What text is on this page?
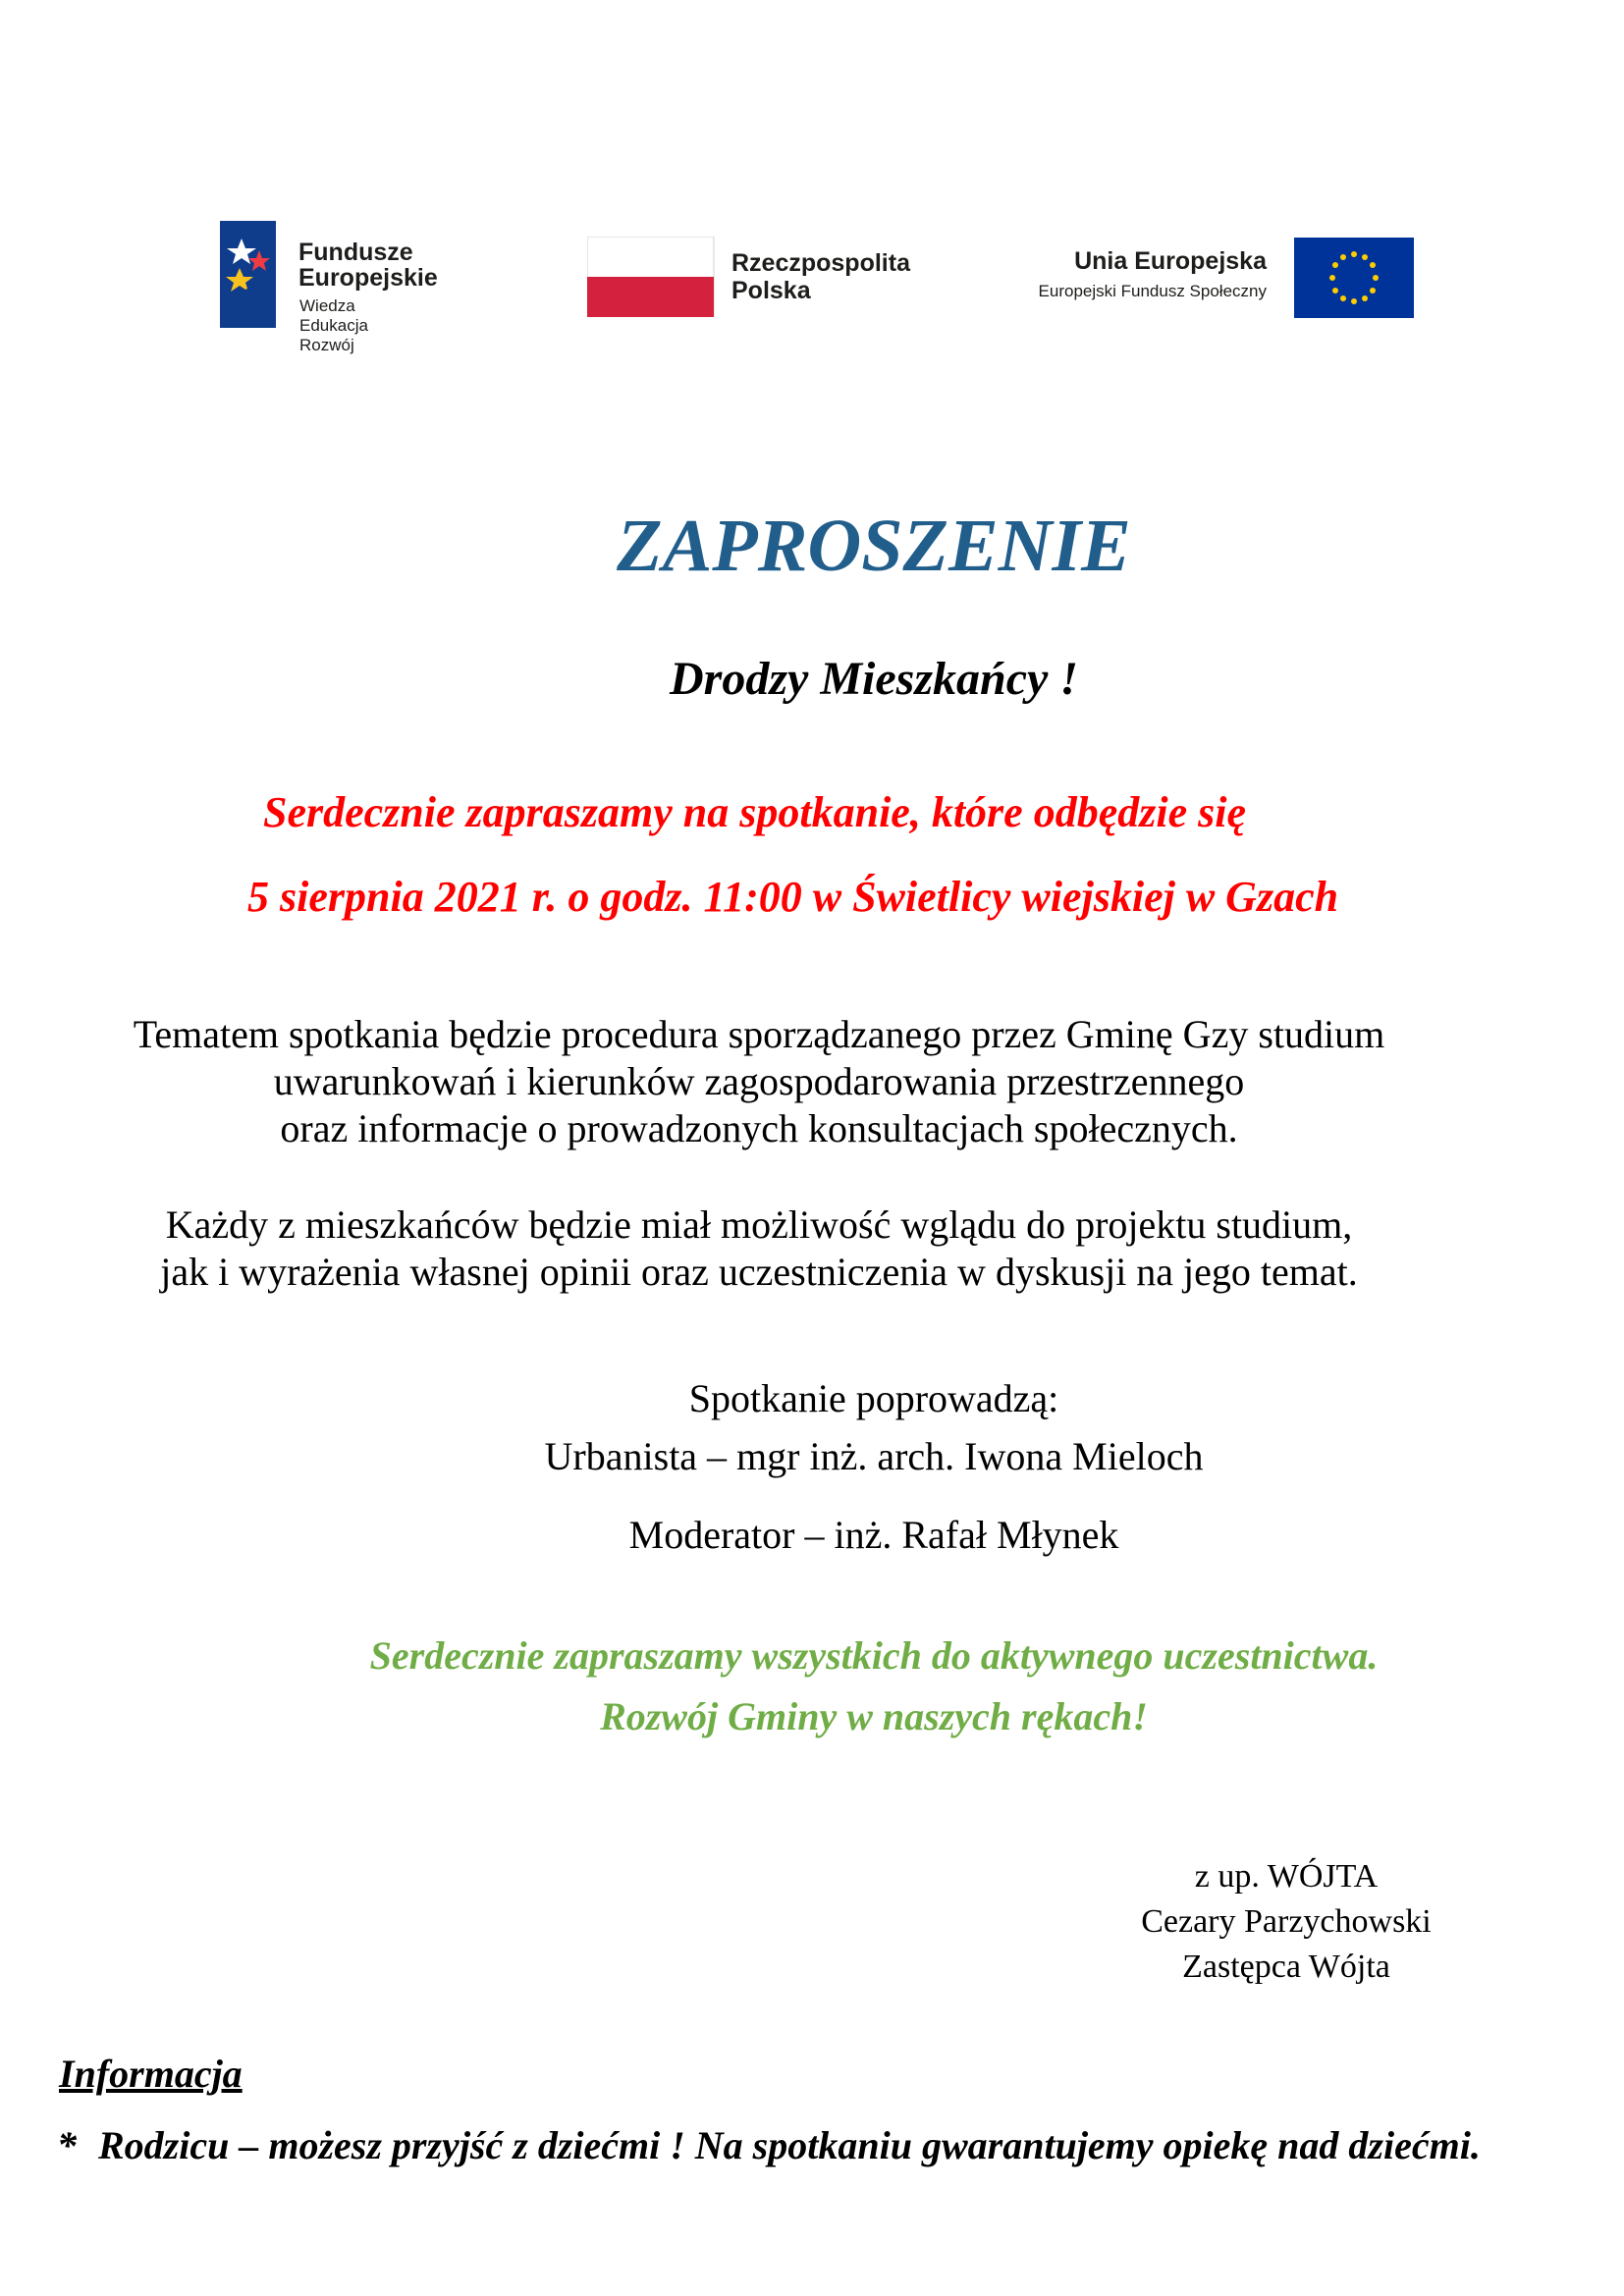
Fundusze
Europejskie
Wiedza Edukacja Rozwój
Rzeczpospolita
Polska
Unia Europejska
Europejski Fundusz Społeczny
ZAPROSZENIE
Drodzy Mieszkańcy !
Serdecznie zapraszamy na spotkanie, które odbędzie się
5 sierpnia 2021 r. o godz. 11:00 w Świetlicy wiejskiej w Gzach
Tematem spotkania będzie procedura sporządzanego przez Gminę Gzy studium
uwarunkowań i kierunków zagospodarowania przestrzennego
oraz informacje o prowadzonych konsultacjach społecznych.
Każdy z mieszkańców będzie miał możliwość wglądu do projektu studium,
jak i wyrażenia własnej opinii oraz uczestniczenia w dyskusji na jego temat.
Spotkanie poprowadzą:
Urbanista – mgr inż. arch. Iwona Mieloch
Moderator – inż. Rafał Młynek
Serdecznie zapraszamy wszystkich do aktywnego uczestnictwa.
Rozwój Gminy w naszych rękach!
z up. WÓJTA
Cezary Parzychowski
Zastępca Wójta
Informacja
* Rodzicu – możesz przyjść z dziećmi ! Na spotkaniu gwarantujemy opiekę nad dziećmi.
